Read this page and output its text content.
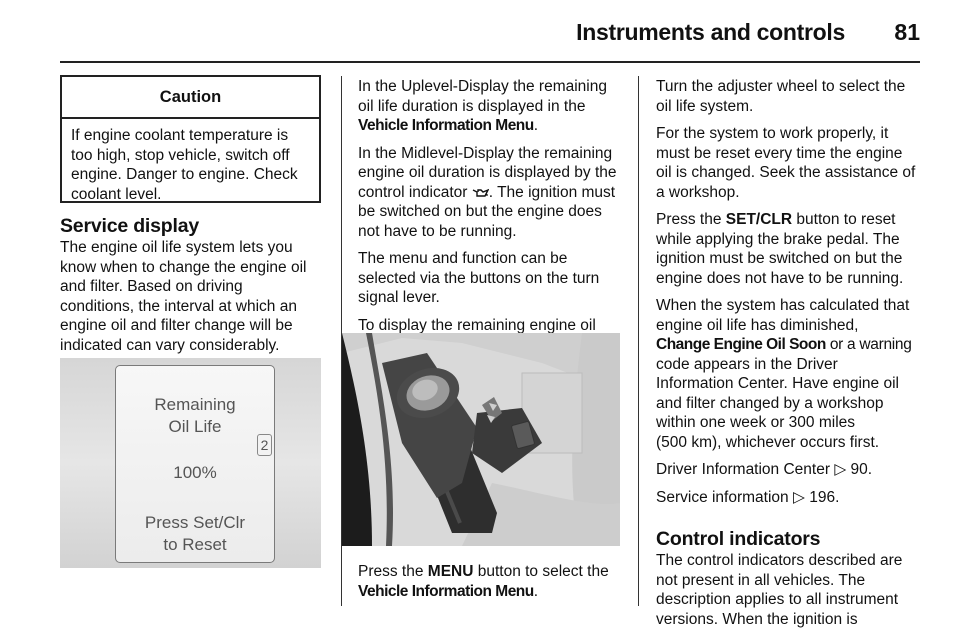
Instruments and controls	81
Caution
If engine coolant temperature is
too high, stop vehicle, switch off
engine. Danger to engine. Check
coolant level.
Service display
The engine oil life system lets you
know when to change the engine oil
and filter. Based on driving
conditions, the interval at which an
engine oil and filter change will be
indicated can vary considerably.
Remaining
Oil Life
2
100%
Press Set/Clr
to Reset

In the Uplevel-Display the remaining
oil life duration is displayed in the
Vehicle Information Menu.

In the Midlevel-Display the remaining
engine oil duration is displayed by the
control indicator . The ignition must
be switched on but the engine does
not have to be running.

The menu and function can be
selected via the buttons on the turn
signal lever.

To display the remaining engine oil

Press the MENU button to select the
Vehicle Information Menu.

Turn the adjuster wheel to select the
oil life system.

For the system to work properly, it
must be reset every time the engine
oil is changed. Seek the assistance of
a workshop.

Press the SET/CLR button to reset
while applying the brake pedal. The
ignition must be switched on but the
engine does not have to be running.

When the system has calculated that
engine oil life has diminished,
Change Engine Oil Soon or a warning
code appears in the Driver
Information Center. Have engine oil
and filter changed by a workshop
within one week or 300 miles
(500 km), whichever occurs first.

Driver Information Center ▷ 90.

Service information ▷ 196.

Control indicators
The control indicators described are
not present in all vehicles. The
description applies to all instrument
versions. When the ignition is
